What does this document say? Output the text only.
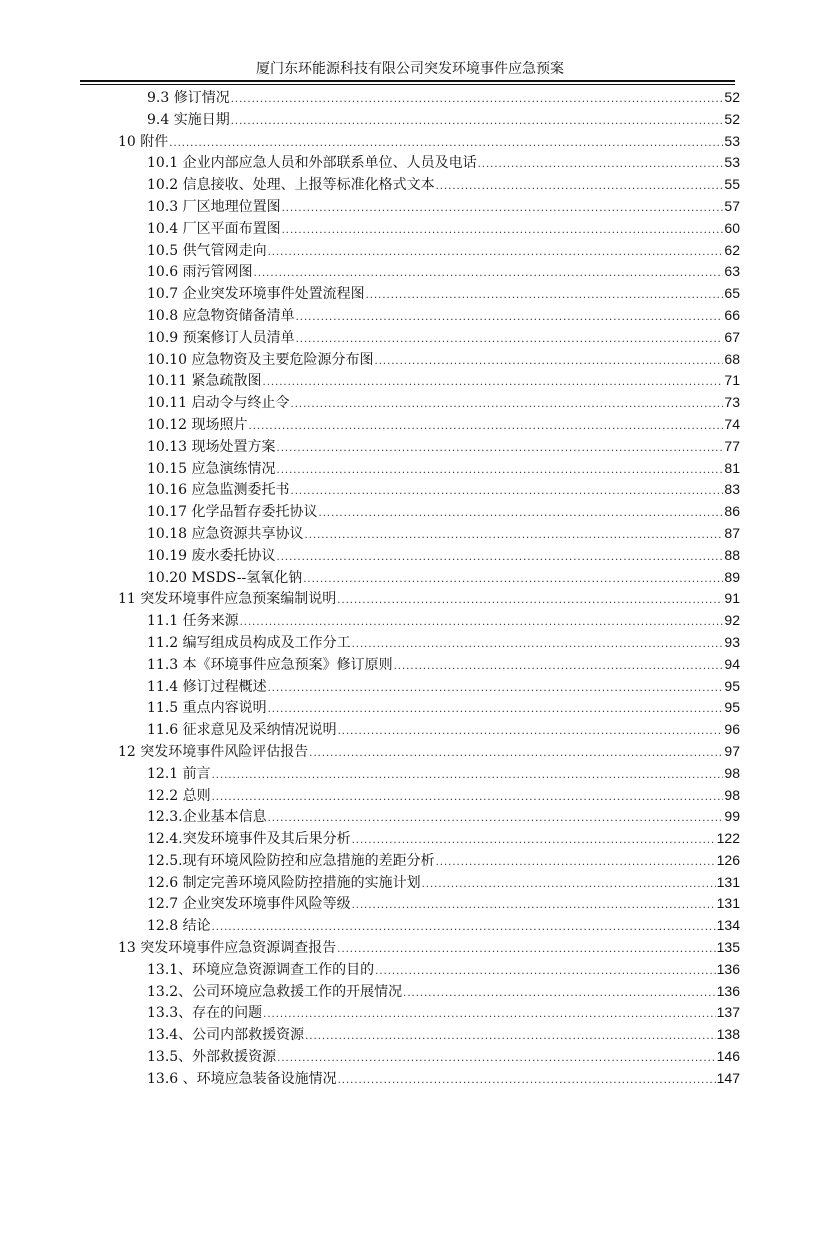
厦门东环能源科技有限公司突发环境事件应急预案
9.3 修订情况 .....	52
9.4 实施日期 .....	52
10 附件 .....	53
10.1 企业内部应急人员和外部联系单位、人员及电话 .....	53
10.2 信息接收、处理、上报等标准化格式文本 .....	55
10.3 厂区地理位置图 .....	57
10.4 厂区平面布置图 .....	60
10.5 供气管网走向 .....	62
10.6 雨污管网图 .....	63
10.7 企业突发环境事件处置流程图 .....	65
10.8 应急物资储备清单 .....	66
10.9 预案修订人员清单 .....	67
10.10 应急物资及主要危险源分布图 .....	68
10.11 紧急疏散图 .....	71
10.11 启动令与终止令 .....	73
10.12 现场照片 .....	74
10.13 现场处置方案 .....	77
10.15 应急演练情况 .....	81
10.16 应急监测委托书 .....	83
10.17 化学品暂存委托协议 .....	86
10.18 应急资源共享协议 .....	87
10.19 废水委托协议 .....	88
10.20 MSDS--氢氧化钠 .....	89
11 突发环境事件应急预案编制说明 .....	91
11.1 任务来源 .....	92
11.2 编写组成员构成及工作分工 .....	93
11.3 本《环境事件应急预案》修订原则 .....	94
11.4 修订过程概述 .....	95
11.5 重点内容说明 .....	95
11.6 征求意见及采纳情况说明 .....	96
12 突发环境事件风险评估报告 .....	97
12.1 前言 .....	98
12.2 总则 .....	98
12.3.企业基本信息 .....	99
12.4.突发环境事件及其后果分析 .....	122
12.5.现有环境风险防控和应急措施的差距分析 .....	126
12.6 制定完善环境风险防控措施的实施计划 .....	131
12.7 企业突发环境事件风险等级 .....	131
12.8 结论 .....	134
13 突发环境事件应急资源调查报告 .....	135
13.1、环境应急资源调查工作的目的 .....	136
13.2、公司环境应急救援工作的开展情况 .....	136
13.3、存在的问题 .....	137
13.4、公司内部救援资源 .....	138
13.5、外部救援资源 .....	146
13.6 、环境应急装备设施情况 .....	147
